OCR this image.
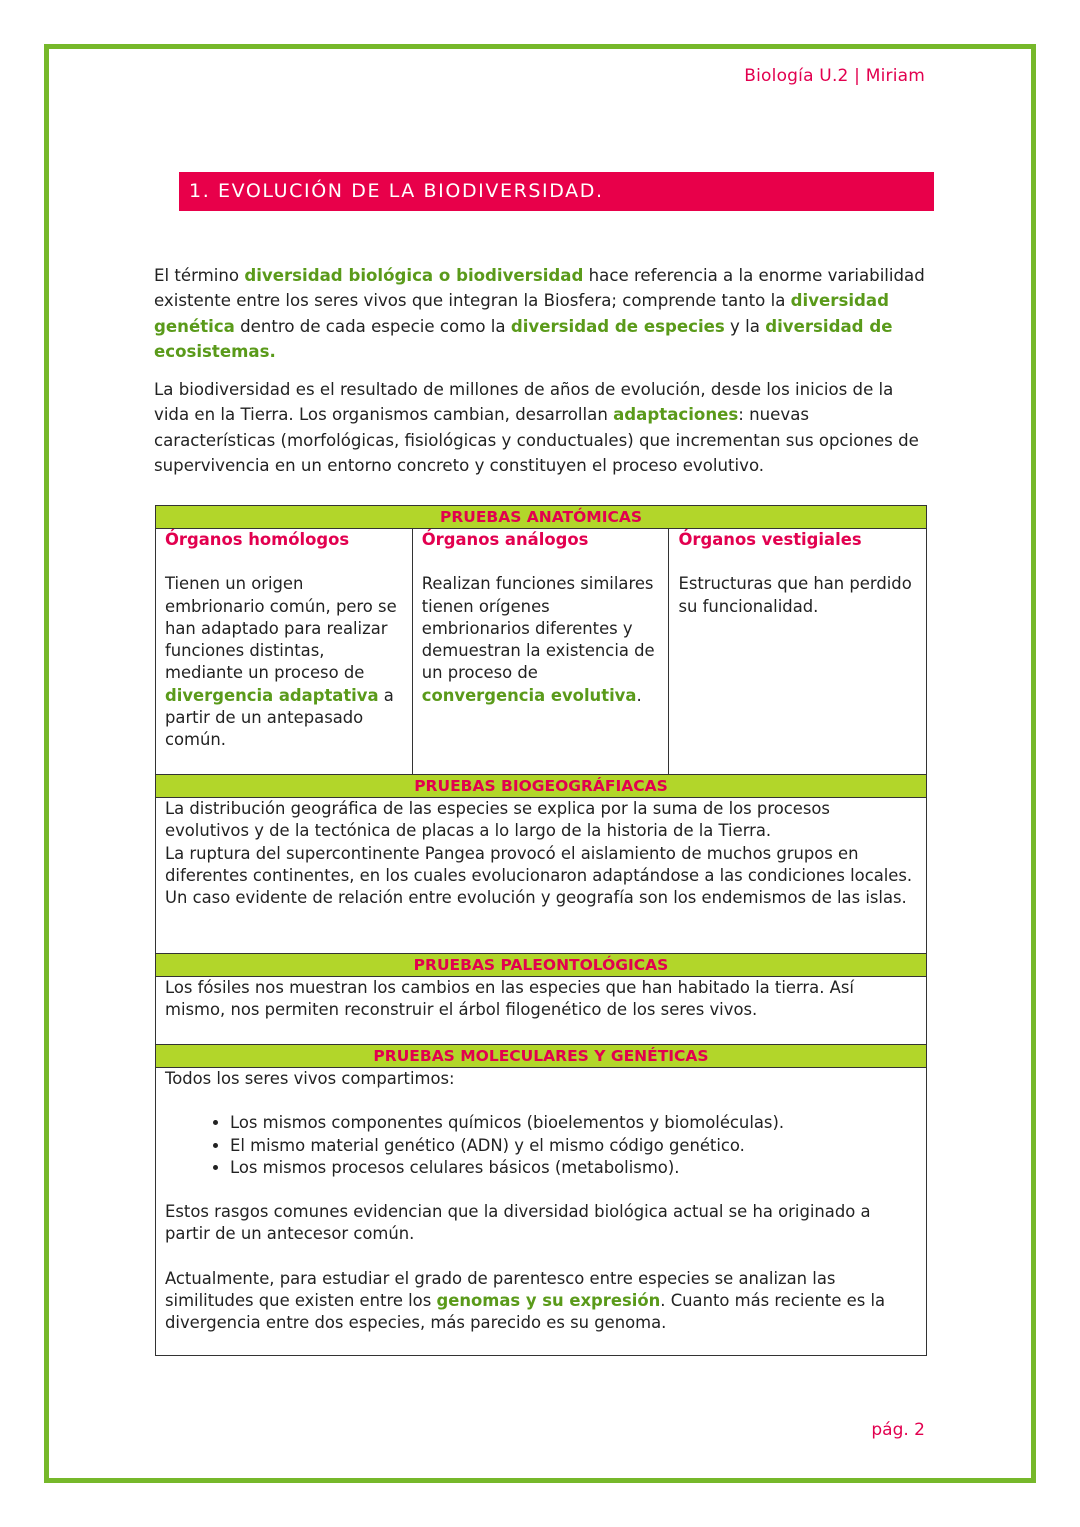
Biología U.2 | Miriam
1. EVOLUCIÓN DE LA BIODIVERSIDAD.

El término diversidad biológica o biodiversidad hace referencia a la enorme variabilidad existente entre los seres vivos que integran la Biosfera; comprende tanto la diversidad genética dentro de cada especie como la diversidad de especies y la diversidad de ecosistemas.

La biodiversidad es el resultado de millones de años de evolución, desde los inicios de la vida en la Tierra. Los organismos cambian, desarrollan adaptaciones: nuevas características (morfológicas, fisiológicas y conductuales) que incrementan sus opciones de supervivencia en un entorno concreto y constituyen el proceso evolutivo.

PRUEBAS ANATÓMICAS

Órganos homólogos
Tienen un origen embrionario común, pero se han adaptado para realizar funciones distintas, mediante un proceso de divergencia adaptativa a partir de un antepasado común.	
Órganos análogos
Realizan funciones similares tienen orígenes embrionarios diferentes y demuestran la existencia de un proceso de convergencia evolutiva.	
Órganos vestigiales
Estructuras que han perdido su funcionalidad.
PRUEBAS BIOGEOGRÁFIACAS

La distribución geográfica de las especies se explica por la suma de los procesos evolutivos y de la tectónica de placas a lo largo de la historia de la Tierra.
La ruptura del supercontinente Pangea provocó el aislamiento de muchos grupos en diferentes continentes, en los cuales evolucionaron adaptándose a las condiciones locales. Un caso evidente de relación entre evolución y geografía son los endemismos de las islas.

PRUEBAS PALEONTOLÓGICAS

Los fósiles nos muestran los cambios en las especies que han habitado la tierra. Así mismo, nos permiten reconstruir el árbol filogenético de los seres vivos.

PRUEBAS MOLECULARES Y GENÉTICAS

Todos los seres vivos compartimos:
• Los mismos componentes químicos (bioelementos y biomoléculas).
• El mismo material genético (ADN) y el mismo código genético.
• Los mismos procesos celulares básicos (metabolismo).
Estos rasgos comunes evidencian que la diversidad biológica actual se ha originado a partir de un antecesor común.
Actualmente, para estudiar el grado de parentesco entre especies se analizan las similitudes que existen entre los genomas y su expresión. Cuanto más reciente es la divergencia entre dos especies, más parecido es su genoma.
pág. 2
